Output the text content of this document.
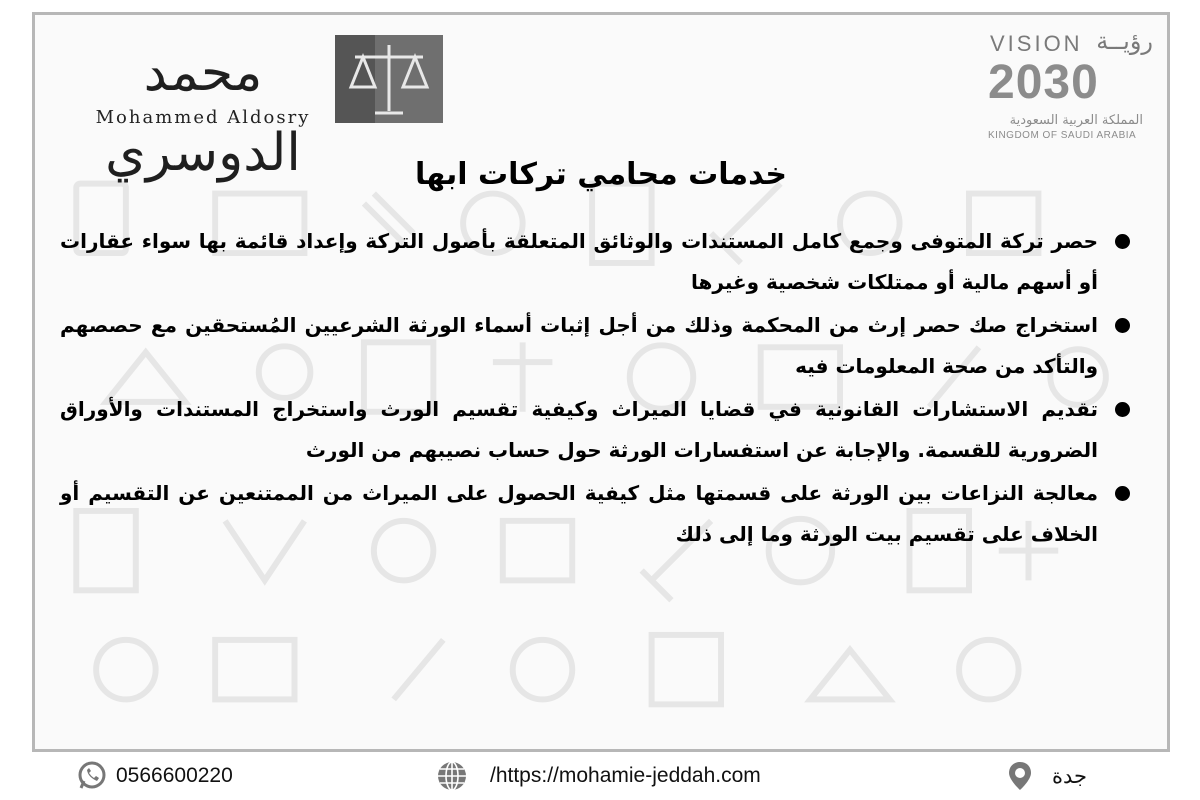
محمد الدوسري
Mohammed Aldosry
VISION رؤيــة
2030
المملكة العربية السعودية
KINGDOM OF SAUDI ARABIA
خدمات محامي تركات ابها
حصر تركة المتوفى وجمع كامل المستندات والوثائق المتعلقة بأصول التركة وإعداد قائمة بها سواء عقارات أو أسهم مالية أو ممتلكات شخصية وغيرها
استخراج صك حصر إرث من المحكمة وذلك من أجل إثبات أسماء الورثة الشرعيين المُستحقين مع حصصهم والتأكد من صحة المعلومات فيه
تقديم الاستشارات القانونية في قضايا الميراث وكيفية تقسيم الورث واستخراج المستندات والأوراق الضرورية للقسمة. والإجابة عن استفسارات الورثة حول حساب نصيبهم من الورث
معالجة النزاعات بين الورثة على قسمتها مثل كيفية الحصول على الميراث من الممتنعين عن التقسيم أو الخلاف على تقسيم بيت الورثة وما إلى ذلك
0566600220	/https://mohamie-jeddah.com	جدة
